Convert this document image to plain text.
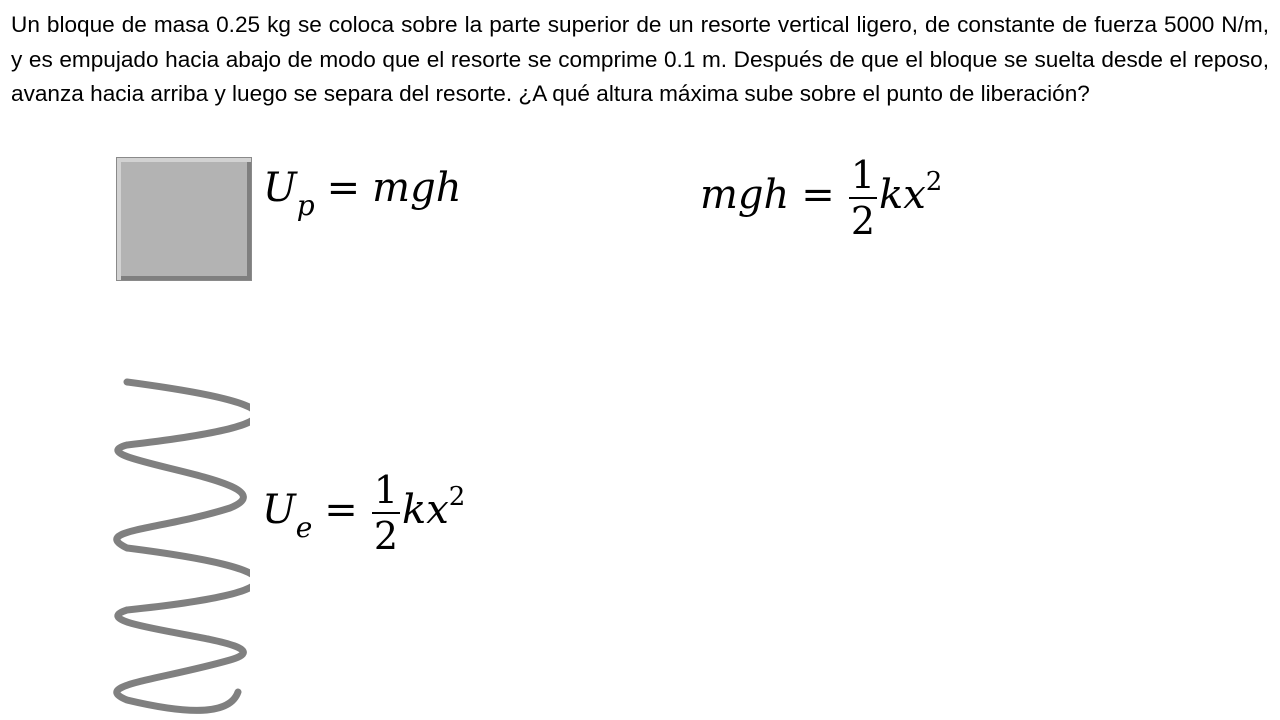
Un bloque de masa 0.25 kg se coloca sobre la parte superior de un resorte vertical ligero, de constante de fuerza 5000 N/m, y es empujado hacia abajo de modo que el resorte se comprime 0.1 m. Después de que el bloque se suelta desde el reposo, avanza hacia arriba y luego se separa del resorte. ¿A qué altura máxima sube sobre el punto de liberación?
$U_p$ = mgh	mgh = $\frac{1}{2} kx^2$
$U_e = \frac{1}{2} kx^2$
